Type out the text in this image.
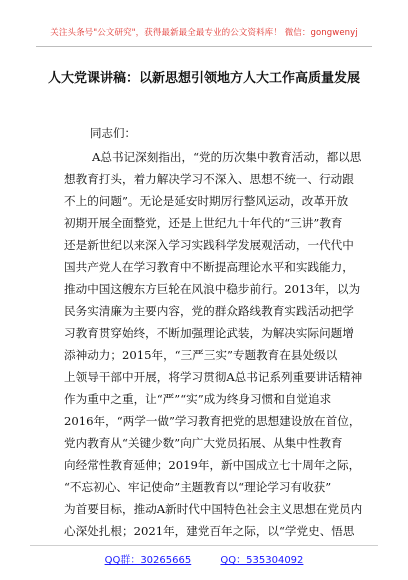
关注头条号"公文研究"，获得最新最全最专业的公文资料库！ 微信：gongwenyj
人大党课讲稿：以新思想引领地方人大工作高质量发展
同志们：
A总书记深刻指出，“党的历次集中教育活动，都以思
想教育打头，着力解决学习不深入、思想不统一、行动跟
不上的问题”。无论是延安时期厉行整风运动，改革开放
初期开展全面整党，还是上世纪九十年代的“三讲”教育
还是新世纪以来深入学习实践科学发展观活动，一代代中
国共产党人在学习教育中不断提高理论水平和实践能力，
推动中国这艘东方巨轮在风浪中稳步前行。2013年，以为
民务实清廉为主要内容，党的群众路线教育实践活动把学
习教育贯穿始终，不断加强理论武装，为解决实际问题增
添神动力；2015年，“三严三实”专题教育在县处级以
上领导干部中开展，将学习贯彻A总书记系列重要讲话精神
作为重中之重，让“严”“实”成为终身习惯和自觉追求
2016年，“两学一做”学习教育把党的思想建设放在首位，
党内教育从“关键少数”向广大党员拓展、从集中性教育
向经常性教育延伸；2019年，新中国成立七十周年之际，
“不忘初心、牢记使命”主题教育以“理论学习有收获”
为首要目标，推动A新时代中国特色社会主义思想在党员内
心深处扎根；2021年，建党百年之际，以“学党史、悟思
QQ群：30265665	QQ：535304092
